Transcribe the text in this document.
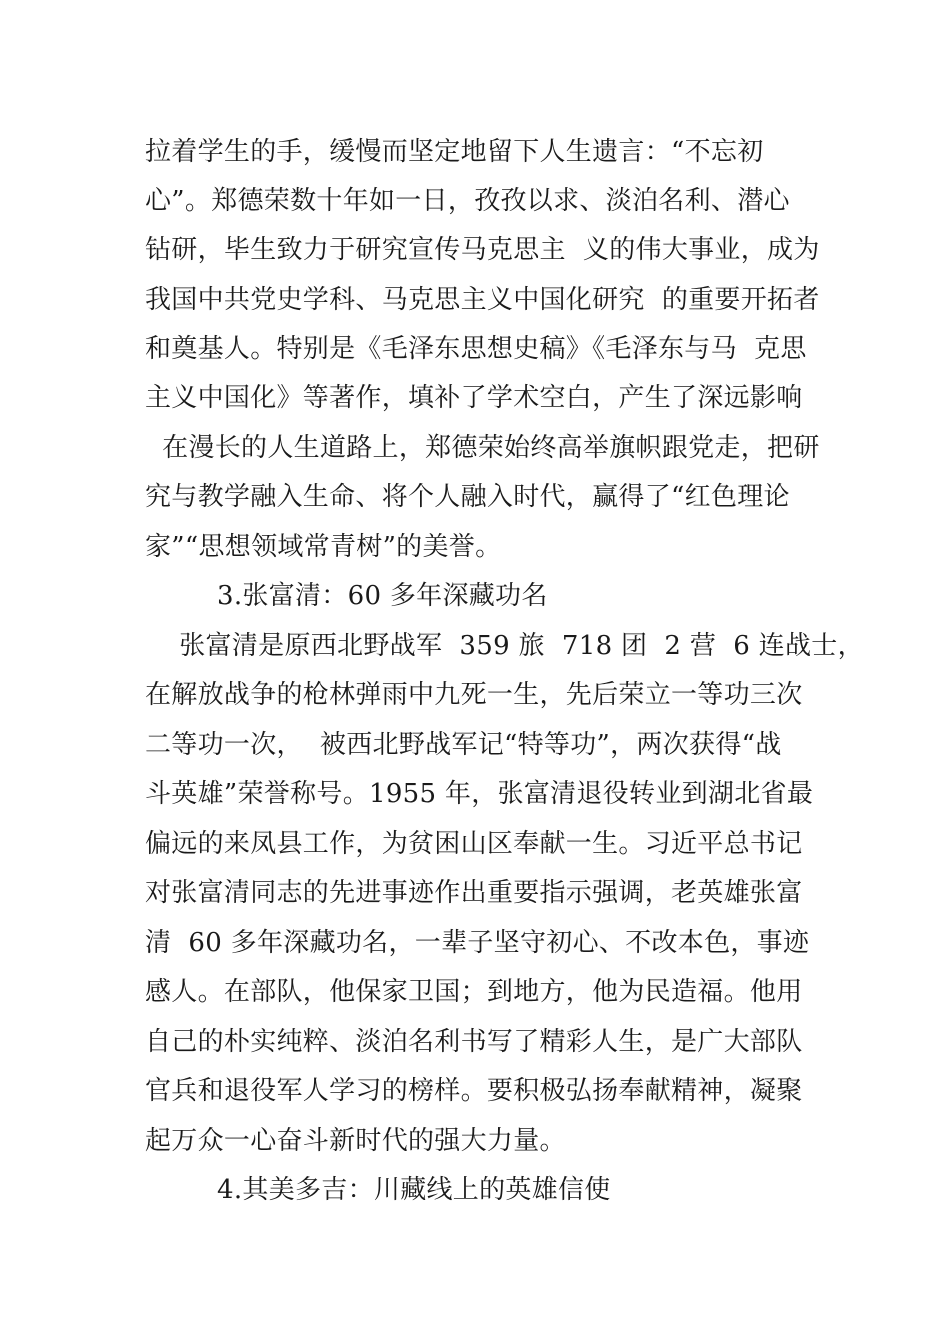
拉着学生的手，缓慢而坚定地留下人生遗言：“不忘初
心”。郑德荣数十年如一日，孜孜以求、淡泊名利、潜心
钻研，毕生致力于研究宣传马克思主  义的伟大事业，成为
我国中共党史学科、马克思主义中国化研究  的重要开拓者
和奠基人。特别是《毛泽东思想史稿》《毛泽东与马  克思
主义中国化》等著作，填补了学术空白，产生了深远影响
在漫长的人生道路上，郑德荣始终高举旗帜跟党走，把研
究与教学融入生命、将个人融入时代，赢得了“红色理论
家”“思想领域常青树”的美誉。
3.张富清：60 多年深藏功名
张富清是原西北野战军  359 旅  718 团  2 营  6 连战士，
在解放战争的枪林弹雨中九死一生，先后荣立一等功三次
二等功一次，  被西北野战军记“特等功”，两次获得“战
斗英雄”荣誉称号。1955 年，张富清退役转业到湖北省最
偏远的来凤县工作，为贫困山区奉献一生。习近平总书记
对张富清同志的先进事迹作出重要指示强调，老英雄张富
清  60 多年深藏功名，一辈子坚守初心、不改本色，事迹
感人。在部队，他保家卫国；到地方，他为民造福。他用
自己的朴实纯粹、淡泊名利书写了精彩人生，是广大部队
官兵和退役军人学习的榜样。要积极弘扬奉献精神，凝聚
起万众一心奋斗新时代的强大力量。
4.其美多吉：川藏线上的英雄信使
